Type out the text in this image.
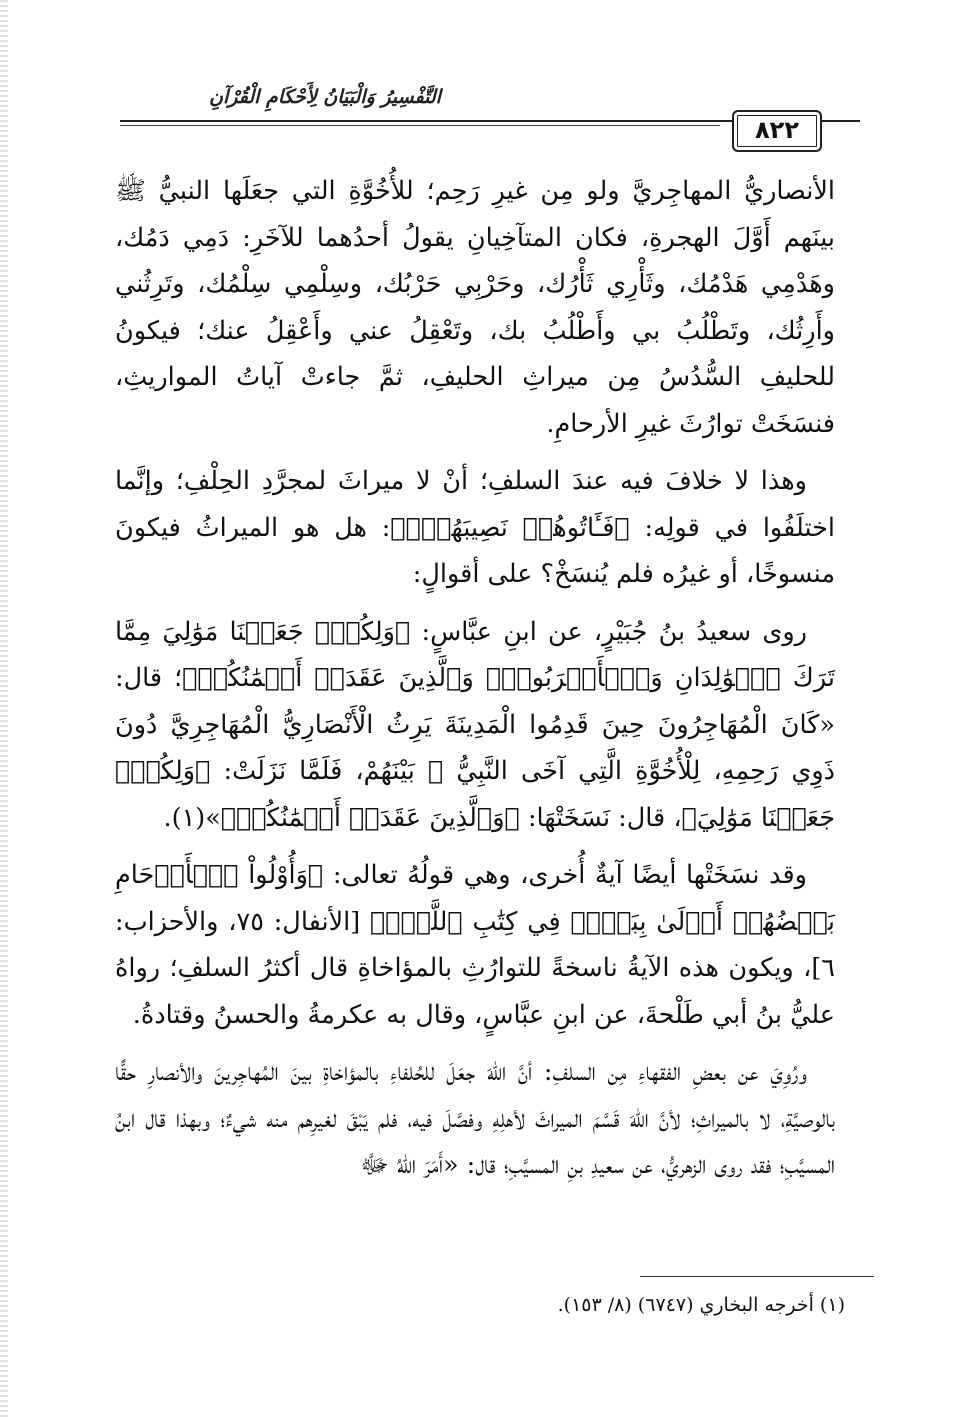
التَّفْسِيرُ وَالْبَيَانُ لِأَحْكَامِ الْقُرْآنِ
٨٢٢

الأنصاريُّ المهاجِريَّ ولو مِن غيرِ رَحِم؛ للأُخُوَّةِ التي جعَلَها النبيُّ ﷺ بينَهم أَوَّلَ الهجرةِ، فكان المتآخِيانِ يقولُ أحدُهما للآخَرِ: دَمِي دَمُك، وهَدْمِي هَدْمُك، وثَأْرِي ثَأْرُك، وحَرْبِي حَرْبُك، وسِلْمِي سِلْمُك، وتَرِثُني وأَرِثُك، وتَطْلُبُ بي وأَطْلُبُ بك، وتَعْقِلُ عني وأَعْقِلُ عنك؛ فيكونُ للحليفِ السُّدُسُ مِن ميراثِ الحليفِ، ثمَّ جاءتْ آياتُ المواريثِ، فنسَخَتْ توارُثَ غيرِ الأرحامِ.

وهذا لا خلافَ فيه عندَ السلفِ؛ أنْ لا ميراثَ لمجرَّدِ الحِلْفِ؛ وإنَّما اختلَفُوا في قولِه: ﴿فَـَٔاتُوهُمۡ نَصِيبَهُمۡۚ﴾: هل هو الميراثُ فيكونَ منسوخًا، أو غيرُه فلم يُنسَخْ؟ على أقوالٍ:

روى سعيدُ بنُ جُبَيْرٍ، عن ابنِ عبَّاسٍ: ﴿وَلِكُلّٖ جَعَلۡنَا مَوَٰلِيَ مِمَّا تَرَكَ ٱلۡوَٰلِدَانِ وَٱلۡأَقۡرَبُونَۚ وَٱلَّذِينَ عَقَدَتۡ أَيۡمَٰنُكُمۡ﴾؛ قال: «كَانَ الْمُهَاجِرُونَ حِينَ قَدِمُوا الْمَدِينَةَ يَرِثُ الْأَنْصَارِيُّ الْمُهَاجِرِيَّ دُونَ ذَوِي رَحِمِهِ، لِلْأُخُوَّةِ الَّتِي آخَى النَّبِيُّ ﷺ بَيْنَهُمْ، فَلَمَّا نَزَلَتْ: ﴿وَلِكُلّٖ جَعَلۡنَا مَوَٰلِيَ﴾، قال: نَسَخَتْهَا: ﴿وَٱلَّذِينَ عَقَدَتۡ أَيۡمَٰنُكُمۡ﴾»(١).

وقد نسَخَتْها أيضًا آيةٌ أُخرى، وهي قولُهُ تعالى: ﴿وَأُوْلُواْ ٱلۡأَرۡحَامِ بَعۡضُهُمۡ أَوۡلَىٰ بِبَعۡضٖ فِي كِتَٰبِ ٱللَّهِۚ﴾ [الأنفال: ٧٥، والأحزاب: ٦]، ويكون هذه الآيةُ ناسخةً للتوارُثِ بالمؤاخاةِ قال أكثرُ السلفِ؛ رواهُ عليُّ بنُ أبي طَلْحةَ، عن ابنِ عبَّاسٍ، وقال به عكرمةُ والحسنُ وقتادةُ.

ورُوِيَ عن بعضِ الفقهاءِ مِن السلفِ: أنَّ اللهَ جعَلَ للحُلفاءِ بالمؤاخاةِ بينَ المُهاجِرينَ والأنصارِ حقًّا بالوصيَّةِ، لا بالميراثِ؛ لأنَّ اللهَ قَسَّمَ الميراثَ لأهلِهِ وفصَّلَ فيه، فلم يَبْقَ لغيرِهم منه شيءٌ؛ وبهذا قال ابنُ المسيَّبِ؛ فقد روى الزهريُّ، عن سعيدِ بنِ المسيَّبِ؛ قال: «أَمَرَ اللهُ ﷻ

(١) أخرجه البخاري (٦٧٤٧) (٨/ ١٥٣).
